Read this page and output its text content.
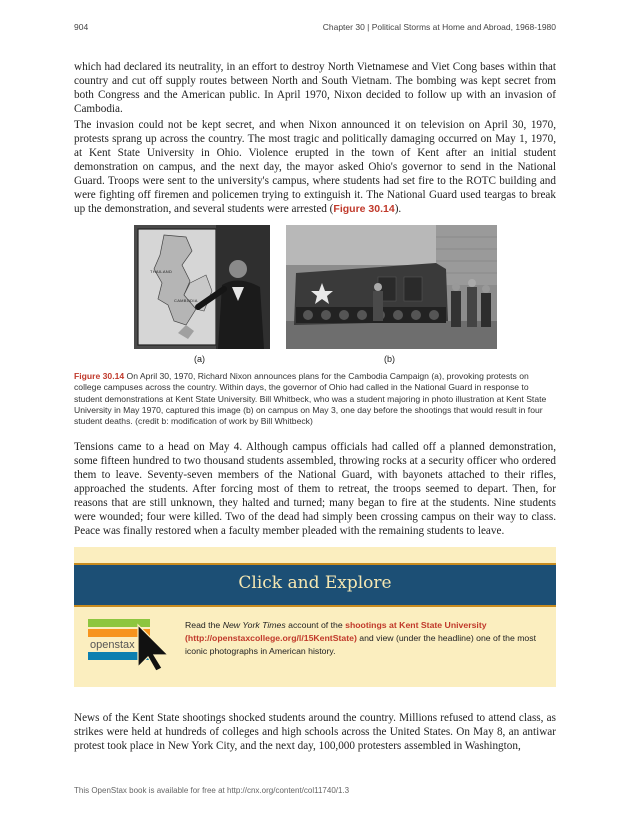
904	Chapter 30 | Political Storms at Home and Abroad, 1968-1980

which had declared its neutrality, in an effort to destroy North Vietnamese and Viet Cong bases within that country and cut off supply routes between North and South Vietnam. The bombing was kept secret from both Congress and the American public. In April 1970, Nixon decided to follow up with an invasion of Cambodia.

The invasion could not be kept secret, and when Nixon announced it on television on April 30, 1970, protests sprang up across the country. The most tragic and politically damaging occurred on May 1, 1970, at Kent State University in Ohio. Violence erupted in the town of Kent after an initial student demonstration on campus, and the next day, the mayor asked Ohio's governor to send in the National Guard. Troops were sent to the university's campus, where students had set fire to the ROTC building and were fighting off firemen and policemen trying to extinguish it. The National Guard used teargas to break up the demonstration, and several students were arrested (Figure 30.14).

THAILAND
CAMBODIA
(a)	(b)

Figure 30.14 On April 30, 1970, Richard Nixon announces plans for the Cambodia Campaign (a), provoking protests on college campuses across the country. Within days, the governor of Ohio had called in the National Guard in response to student demonstrations at Kent State University. Bill Whitbeck, who was a student majoring in photo illustration at Kent State University in May 1970, captured this image (b) on campus on May 3, one day before the shootings that would result in four student deaths. (credit b: modification of work by Bill Whitbeck)

Tensions came to a head on May 4. Although campus officials had called off a planned demonstration, some fifteen hundred to two thousand students assembled, throwing rocks at a security officer who ordered them to leave. Seventy-seven members of the National Guard, with bayonets attached to their rifles, approached the students. After forcing most of them to retreat, the troops seemed to depart. Then, for reasons that are still unknown, they halted and turned; many began to fire at the students. Nine students were wounded; four were killed. Two of the dead had simply been crossing campus on their way to class. Peace was finally restored when a faculty member pleaded with the remaining students to leave.

Click and Explore
openstax

Read the New York Times account of the shootings at Kent State University (http://openstaxcollege.org/l/15KentState) and view (under the headline) one of the most iconic photographs in American history.

News of the Kent State shootings shocked students around the country. Millions refused to attend class, as strikes were held at hundreds of colleges and high schools across the United States. On May 8, an antiwar protest took place in New York City, and the next day, 100,000 protesters assembled in Washington,

This OpenStax book is available for free at http://cnx.org/content/col11740/1.3
